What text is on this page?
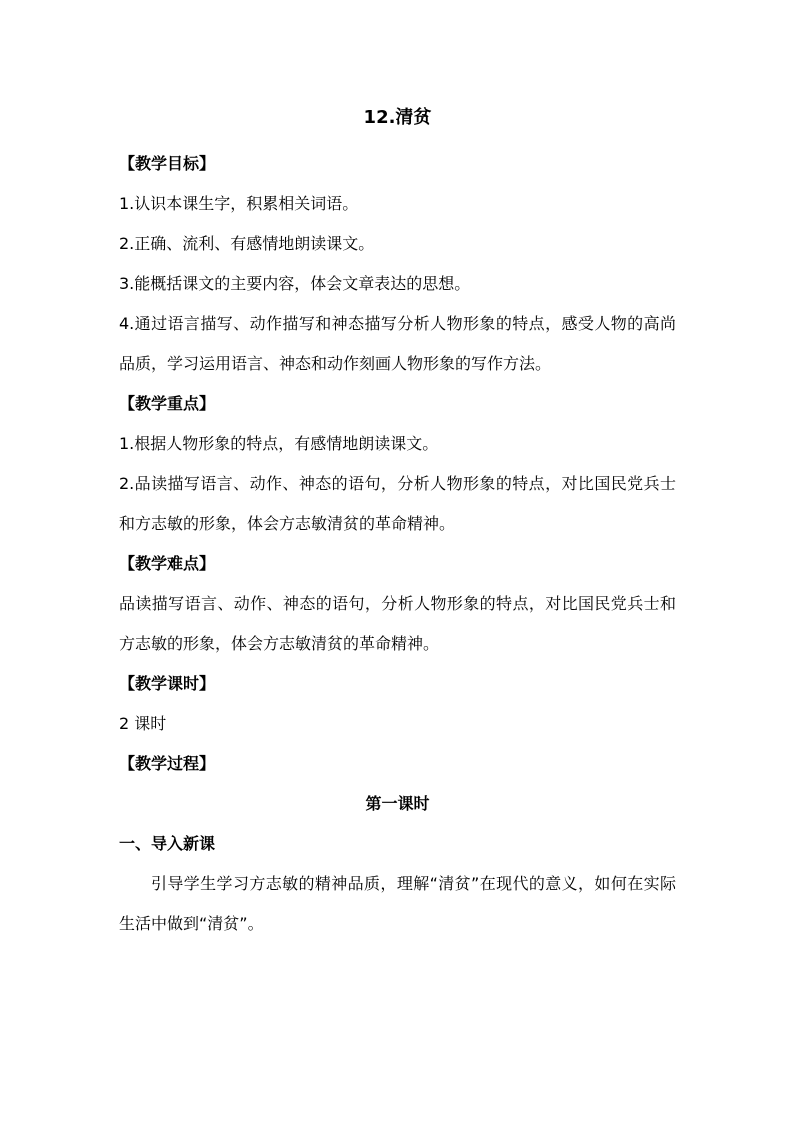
12.清贫
【教学目标】

1.认识本课生字，积累相关词语。

2.正确、流利、有感情地朗读课文。

3.能概括课文的主要内容，体会文章表达的思想。

4.通过语言描写、动作描写和神态描写分析人物形象的特点，感受人物的高尚品质，学习运用语言、神态和动作刻画人物形象的写作方法。

【教学重点】

1.根据人物形象的特点，有感情地朗读课文。

2.品读描写语言、动作、神态的语句，分析人物形象的特点，对比国民党兵士和方志敏的形象，体会方志敏清贫的革命精神。

【教学难点】

品读描写语言、动作、神态的语句，分析人物形象的特点，对比国民党兵士和方志敏的形象，体会方志敏清贫的革命精神。

【教学课时】

2 课时

【教学过程】
第一课时
一、导入新课

引导学生学习方志敏的精神品质，理解“清贫”在现代的意义，如何在实际生活中做到“清贫”。
